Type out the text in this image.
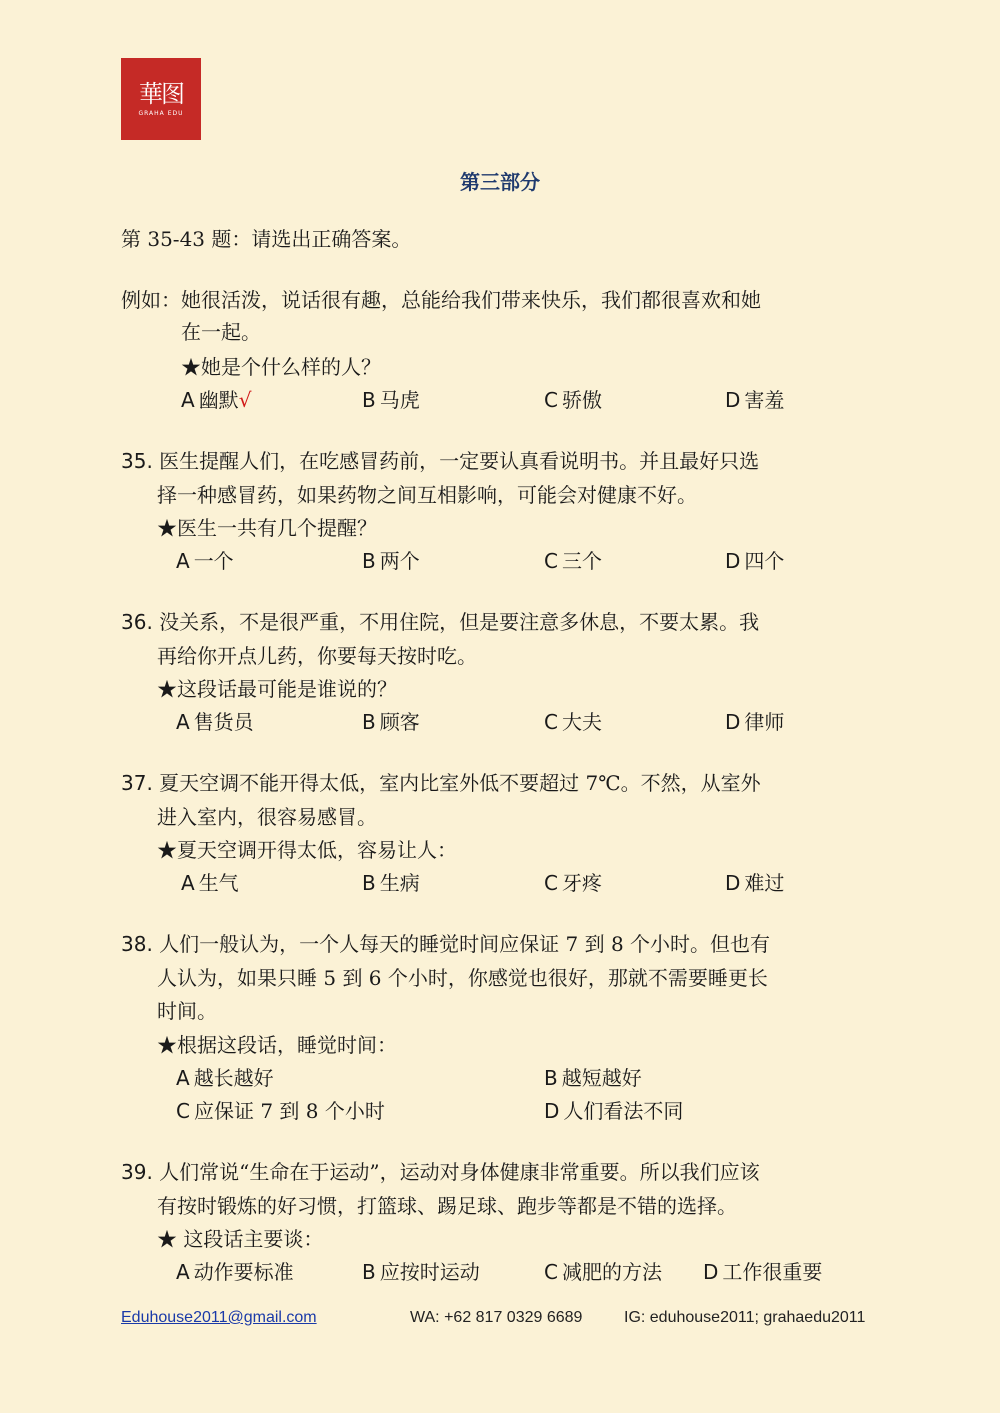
華图
GRAHA EDU
第三部分
第 35-43 题：请选出正确答案。
例如：她很活泼，说话很有趣，总能给我们带来快乐，我们都很喜欢和她
在一起。
★她是个什么样的人？
A 幽默√	B 马虎	C 骄傲	D 害羞
35. 医生提醒人们，在吃感冒药前，一定要认真看说明书。并且最好只选
择一种感冒药，如果药物之间互相影响，可能会对健康不好。
★医生一共有几个提醒？
A 一个	B 两个	C 三个	D 四个
36. 没关系，不是很严重，不用住院，但是要注意多休息，不要太累。我
再给你开点儿药，你要每天按时吃。
★这段话最可能是谁说的？
A 售货员	B 顾客	C 大夫	D 律师
37. 夏天空调不能开得太低，室内比室外低不要超过 7℃。不然，从室外
进入室内，很容易感冒。
★夏天空调开得太低，容易让人：
A 生气	B 生病	C 牙疼	D 难过
38. 人们一般认为，一个人每天的睡觉时间应保证 7 到 8 个小时。但也有
人认为，如果只睡 5 到 6 个小时，你感觉也很好，那就不需要睡更长
时间。
★根据这段话，睡觉时间：
A 越长越好	B 越短越好
C 应保证 7 到 8 个小时	D 人们看法不同
39. 人们常说“生命在于运动”，运动对身体健康非常重要。所以我们应该
有按时锻炼的好习惯，打篮球、踢足球、跑步等都是不错的选择。
★ 这段话主要谈：
A 动作要标准	B 应按时运动	C 减肥的方法 D 工作很重要
Eduhouse2011@gmail.com	WA: +62 817 0329 6689	IG: eduhouse2011; grahaedu2011
